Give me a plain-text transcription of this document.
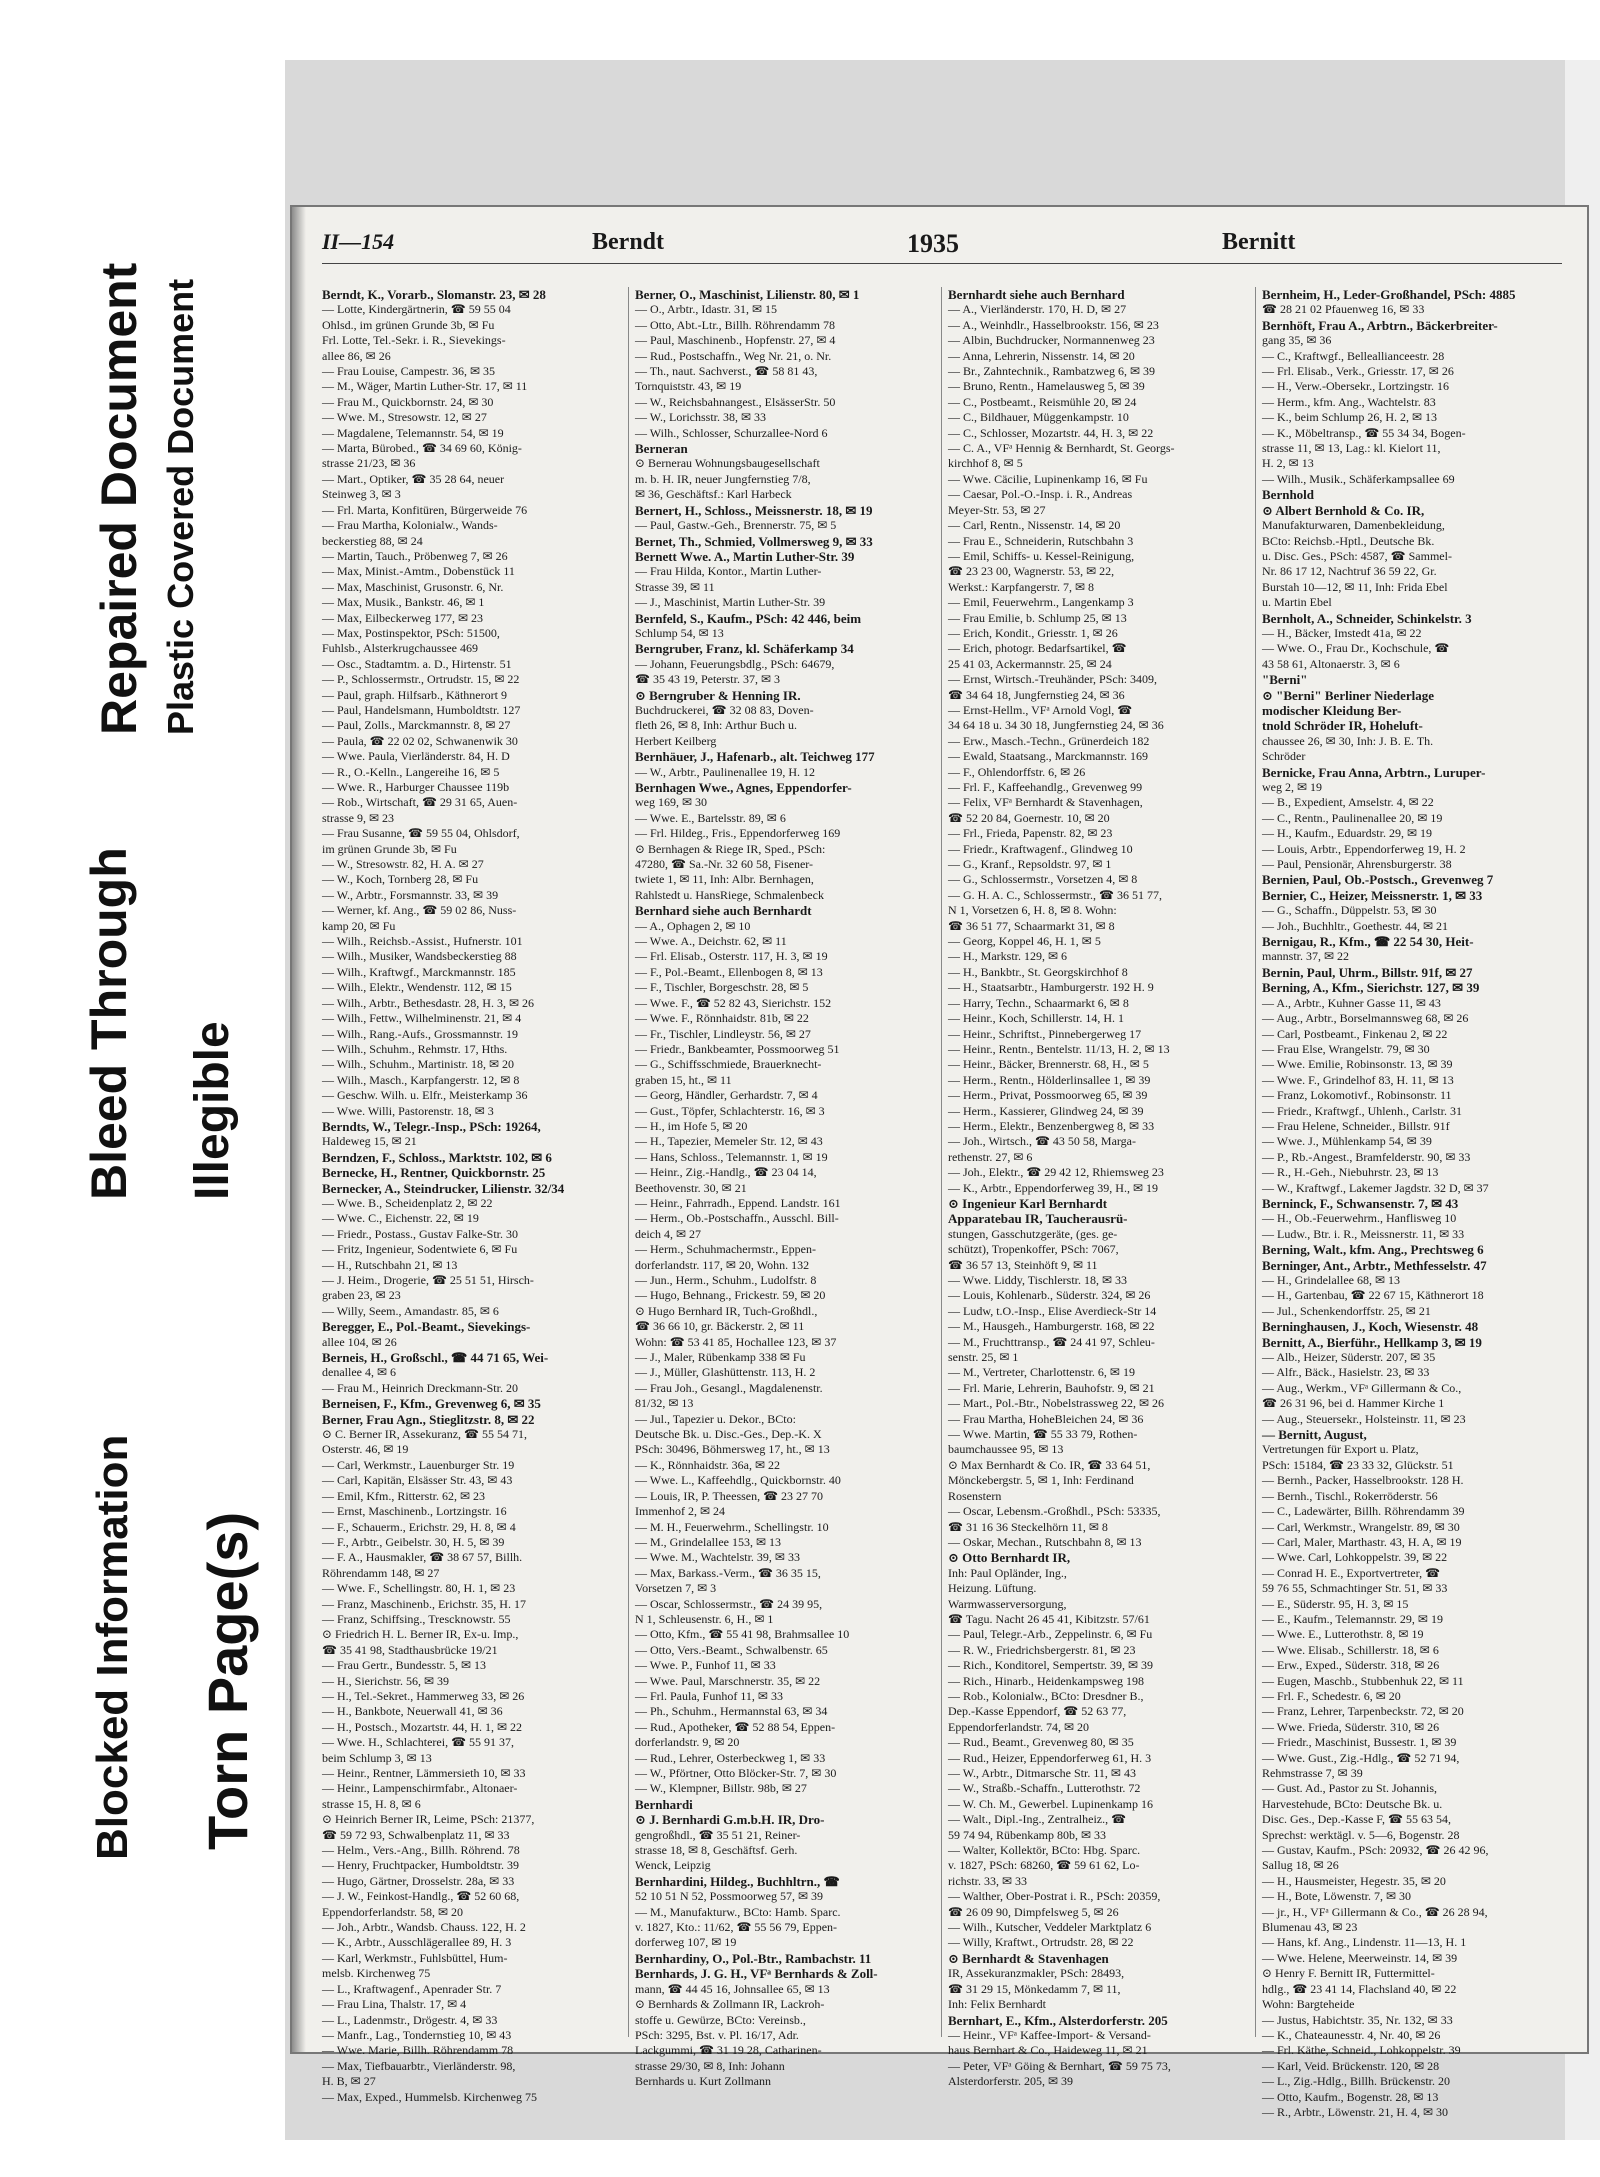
Bleed Through
Blocked Information
Illegible
Torn Page(s)
Repaired Document Plastic Covered Document
II—154	Berndt	1935	Bernitt

Berndt, K., Vorarb., Slomanstr. 23, ✉ 28

— Lotte, Kindergärtnerin, ☎ 59 55 04

Ohlsd., im grünen Grunde 3b, ✉ Fu

Frl. Lotte, Tel.-Sekr. i. R., Sievekings-

allee 86, ✉ 26

— Frau Louise, Campestr. 36, ✉ 35

— M., Wäger, Martin Luther-Str. 17, ✉ 11

— Frau M., Quickbornstr. 24, ✉ 30

— Wwe. M., Stresowstr. 12, ✉ 27

— Magdalene, Telemannstr. 54, ✉ 19

— Marta, Bürobed., ☎ 34 69 60, König-

strasse 21/23, ✉ 36

— Mart., Optiker, ☎ 35 28 64, neuer

Steinweg 3, ✉ 3

— Frl. Marta, Konfitüren, Bürgerweide 76

— Frau Martha, Kolonialw., Wands-

beckerstieg 88, ✉ 24

— Martin, Tauch., Pröbenweg 7, ✉ 26

— Max, Minist.-Amtm., Dobenstück 11

— Max, Maschinist, Grusonstr. 6, Nr.

— Max, Musik., Bankstr. 46, ✉ 1

— Max, Eilbeckerweg 177, ✉ 23

— Max, Postinspektor, PSch: 51500,

Fuhlsb., Alsterkrugchaussee 469

— Osc., Stadtamtm. a. D., Hirtenstr. 51

— P., Schlossermstr., Ortrudstr. 15, ✉ 22

— Paul, graph. Hilfsarb., Käthnerort 9

— Paul, Handelsmann, Humboldtstr. 127

— Paul, Zolls., Marckmannstr. 8, ✉ 27

— Paula, ☎ 22 02 02, Schwanenwik 30

— Wwe. Paula, Vierländerstr. 84, H. D

— R., O.-Kelln., Langereihe 16, ✉ 5

— Wwe. R., Harburger Chaussee 119b

— Rob., Wirtschaft, ☎ 29 31 65, Auen-

strasse 9, ✉ 23

— Frau Susanne, ☎ 59 55 04, Ohlsdorf,

im grünen Grunde 3b, ✉ Fu

— W., Stresowstr. 82, H. A. ✉ 27

— W., Koch, Tornberg 28, ✉ Fu

— W., Arbtr., Forsmannstr. 33, ✉ 39

— Werner, kf. Ang., ☎ 59 02 86, Nuss-

kamp 20, ✉ Fu

— Wilh., Reichsb.-Assist., Hufnerstr. 101

— Wilh., Musiker, Wandsbeckerstieg 88

— Wilh., Kraftwgf., Marckmannstr. 185

— Wilh., Elektr., Wendenstr. 112, ✉ 15

— Wilh., Arbtr., Bethesdastr. 28, H. 3, ✉ 26

— Wilh., Fettw., Wilhelminenstr. 21, ✉ 4

— Wilh., Rang.-Aufs., Grossmannstr. 19

— Wilh., Schuhm., Rehmstr. 17, Hths.

— Wilh., Schuhm., Martinistr. 18, ✉ 20

— Wilh., Masch., Karpfangerstr. 12, ✉ 8

— Geschw. Wilh. u. Elfr., Meisterkamp 36

— Wwe. Willi, Pastorenstr. 18, ✉ 3

Berndts, W., Telegr.-Insp., PSch: 19264,

Haldeweg 15, ✉ 21

Berndzen, F., Schloss., Marktstr. 102, ✉ 6

Bernecke, H., Rentner, Quickbornstr. 25

Bernecker, A., Steindrucker, Lilienstr. 32/34

— Wwe. B., Scheidenplatz 2, ✉ 22

— Wwe. C., Eichenstr. 22, ✉ 19

— Friedr., Postass., Gustav Falke-Str. 30

— Fritz, Ingenieur, Sodentwiete 6, ✉ Fu

— H., Rutschbahn 21, ✉ 13

— J. Heim., Drogerie, ☎ 25 51 51, Hirsch-

graben 23, ✉ 23

— Willy, Seem., Amandastr. 85, ✉ 6

Beregger, E., Pol.-Beamt., Sievekings-

allee 104, ✉ 26

Berneis, H., Großschl., ☎ 44 71 65, Wei-

denallee 4, ✉ 6

— Frau M., Heinrich Dreckmann-Str. 20

Berneisen, F., Kfm., Grevenweg 6, ✉ 35

Berner, Frau Agn., Stieglitzstr. 8, ✉ 22

⊙ C. Berner IR, Assekuranz, ☎ 55 54 71,

Osterstr. 46, ✉ 19

— Carl, Werkmstr., Lauenburger Str. 19

— Carl, Kapitän, Elsässer Str. 43, ✉ 43

— Emil, Kfm., Ritterstr. 62, ✉ 23

— Ernst, Maschinenb., Lortzingstr. 16

— F., Schauerm., Erichstr. 29, H. 8, ✉ 4

— F., Arbtr., Geibelstr. 30, H. 5, ✉ 39

— F. A., Hausmakler, ☎ 38 67 57, Billh.

Röhrendamm 148, ✉ 27

— Wwe. F., Schellingstr. 80, H. 1, ✉ 23

— Franz, Maschinenb., Erichstr. 35, H. 17

— Franz, Schiffsing., Trescknowstr. 55

⊙ Friedrich H. L. Berner IR, Ex-u. Imp.,

☎ 35 41 98, Stadthausbrücke 19/21

— Frau Gertr., Bundesstr. 5, ✉ 13

— H., Sierichstr. 56, ✉ 39

— H., Tel.-Sekret., Hammerweg 33, ✉ 26

— H., Bankbote, Neuerwall 41, ✉ 36

— H., Postsch., Mozartstr. 44, H. 1, ✉ 22

— Wwe. H., Schlachterei, ☎ 55 91 37,

beim Schlump 3, ✉ 13

— Heinr., Rentner, Lämmersieth 10, ✉ 33

— Heinr., Lampenschirmfabr., Altonaer-

strasse 15, H. 8, ✉ 6

⊙ Heinrich Berner IR, Leime, PSch: 21377,

☎ 59 72 93, Schwalbenplatz 11, ✉ 33

— Helm., Vers.-Ang., Billh. Röhrend. 78

— Henry, Fruchtpacker, Humboldtstr. 39

— Hugo, Gärtner, Drosselstr. 28a, ✉ 33

— J. W., Feinkost-Handlg., ☎ 52 60 68,

Eppendorferlandstr. 58, ✉ 20

— Joh., Arbtr., Wandsb. Chauss. 122, H. 2

— K., Arbtr., Ausschlägerallee 89, H. 3

— Karl, Werkmstr., Fuhlsbüttel, Hum-

melsb. Kirchenweg 75

— L., Kraftwagenf., Apenrader Str. 7

— Frau Lina, Thalstr. 17, ✉ 4

— L., Ladenmstr., Drögestr. 4, ✉ 33

— Manfr., Lag., Tondernstieg 10, ✉ 43

— Wwe. Marie, Billh. Röhrendamm 78

— Max, Tiefbauarbtr., Vierländerstr. 98,

H. B, ✉ 27

— Max, Exped., Hummelsb. Kirchenweg 75

Berner, O., Maschinist, Lilienstr. 80, ✉ 1

— O., Arbtr., Idastr. 31, ✉ 15

— Otto, Abt.-Ltr., Billh. Röhrendamm 78

— Paul, Maschinenb., Hopfenstr. 27, ✉ 4

— Rud., Postschaffn., Weg Nr. 21, o. Nr.

— Th., naut. Sachverst., ☎ 58 81 43,

Tornquiststr. 43, ✉ 19

— W., Reichsbahnangest., ElsässerStr. 50

— W., Lorichsstr. 38, ✉ 33

— Wilh., Schlosser, Schurzallee-Nord 6

Berneran

⊙ Bernerau Wohnungsbaugesellschaft

m. b. H. IR, neuer Jungfernstieg 7/8,

✉ 36, Geschäftsf.: Karl Harbeck

Bernert, H., Schloss., Meissnerstr. 18, ✉ 19

— Paul, Gastw.-Geh., Brennerstr. 75, ✉ 5

Bernet, Th., Schmied, Vollmersweg 9, ✉ 33

Bernett Wwe. A., Martin Luther-Str. 39

— Frau Hilda, Kontor., Martin Luther-

Strasse 39, ✉ 11

— J., Maschinist, Martin Luther-Str. 39

Bernfeld, S., Kaufm., PSch: 42 446, beim

Schlump 54, ✉ 13

Berngruber, Franz, kl. Schäferkamp 34

— Johann, Feuerungsbdlg., PSch: 64679,

☎ 35 43 19, Peterstr. 37, ✉ 3

⊙ Berngruber & Henning IR.

Buchdruckerei, ☎ 32 08 83, Doven-

fleth 26, ✉ 8, Inh: Arthur Buch u.

Herbert Keilberg

Bernhäuer, J., Hafenarb., alt. Teichweg 177

— W., Arbtr., Paulinenallee 19, H. 12

Bernhagen Wwe., Agnes, Eppendorfer-

weg 169, ✉ 30

— Wwe. E., Bartelsstr. 89, ✉ 6

— Frl. Hildeg., Fris., Eppendorferweg 169

⊙ Bernhagen & Riege IR, Sped., PSch:

47280, ☎ Sa.-Nr. 32 60 58, Fisener-

twiete 1, ✉ 11, Inh: Albr. Bernhagen,

Rahlstedt u. HansRiege, Schmalenbeck

Bernhard siehe auch Bernhardt

— A., Ophagen 2, ✉ 10

— Wwe. A., Deichstr. 62, ✉ 11

— Frl. Elisab., Osterstr. 117, H. 3, ✉ 19

— F., Pol.-Beamt., Ellenbogen 8, ✉ 13

— F., Tischler, Borgeschstr. 28, ✉ 5

— Wwe. F., ☎ 52 82 43, Sierichstr. 152

— Wwe. F., Rönnhaidstr. 81b, ✉ 22

— Fr., Tischler, Lindleystr. 56, ✉ 27

— Friedr., Bankbeamter, Possmoorweg 51

— G., Schiffsschmiede, Brauerknecht-

graben 15, ht., ✉ 11

— Georg, Händler, Gerhardstr. 7, ✉ 4

— Gust., Töpfer, Schlachterstr. 16, ✉ 3

— H., im Hofe 5, ✉ 20

— H., Tapezier, Memeler Str. 12, ✉ 43

— Hans, Schloss., Telemannstr. 1, ✉ 19

— Heinr., Zig.-Handlg., ☎ 23 04 14,

Beethovenstr. 30, ✉ 21

— Heinr., Fahrradh., Eppend. Landstr. 161

— Herm., Ob.-Postschaffn., Ausschl. Bill-

deich 4, ✉ 27

— Herm., Schuhmachermstr., Eppen-

dorferlandstr. 117, ✉ 20, Wohn. 132

— Jun., Herm., Schuhm., Ludolfstr. 8

— Hugo, Behnang., Frickestr. 59, ✉ 20

⊙ Hugo Bernhard IR, Tuch-Großhdl.,

☎ 36 66 10, gr. Bäckerstr. 2, ✉ 11

Wohn: ☎ 53 41 85, Hochallee 123, ✉ 37

— J., Maler, Rübenkamp 338 ✉ Fu

— J., Müller, Glashüttenstr. 113, H. 2

— Frau Joh., Gesangl., Magdalenenstr.

81/32, ✉ 13

— Jul., Tapezier u. Dekor., BCto:

Deutsche Bk. u. Disc.-Ges., Dep.-K. X

PSch: 30496, Böhmersweg 17, ht., ✉ 13

— K., Rönnhaidstr. 36a, ✉ 22

— Wwe. L., Kaffeehdlg., Quickbornstr. 40

— Louis, IR, P. Theessen, ☎ 23 27 70

Immenhof 2, ✉ 24

— M. H., Feuerwehrm., Schellingstr. 10

— M., Grindelallee 153, ✉ 13

— Wwe. M., Wachtelstr. 39, ✉ 33

— Max, Barkass.-Verm., ☎ 36 35 15,

Vorsetzen 7, ✉ 3

— Oscar, Schlossermstr., ☎ 24 39 95,

N 1, Schleusenstr. 6, H., ✉ 1

— Otto, Kfm., ☎ 55 41 98, Brahmsallee 10

— Otto, Vers.-Beamt., Schwalbenstr. 65

— Wwe. P., Funhof 11, ✉ 33

— Wwe. Paul, Marschnerstr. 35, ✉ 22

— Frl. Paula, Funhof 11, ✉ 33

— Ph., Schuhm., Hermannstal 63, ✉ 34

— Rud., Apotheker, ☎ 52 88 54, Eppen-

dorferlandstr. 9, ✉ 20

— Rud., Lehrer, Osterbeckweg 1, ✉ 33

— W., Pförtner, Otto Blöcker-Str. 7, ✉ 30

— W., Klempner, Billstr. 98b, ✉ 27

Bernhardi

⊙ J. Bernhardi G.m.b.H. IR, Dro-

gengroßhdl., ☎ 35 51 21, Reiner-

strasse 18, ✉ 8, Geschäftsf. Gerh.

Wenck, Leipzig

Bernhardini, Hildeg., Buchhltrn., ☎

52 10 51 N 52, Possmoorweg 57, ✉ 39

— M., Manufakturw., BCto: Hamb. Sparc.

v. 1827, Kto.: 11/62, ☎ 55 56 79, Eppen-

dorferweg 107, ✉ 19

Bernhardiny, O., Pol.-Btr., Rambachstr. 11

Bernhards, J. G. H., VFᵃ Bernhards & Zoll-

mann, ☎ 44 45 16, Johnsallee 65, ✉ 13

⊙ Bernhards & Zollmann IR, Lackroh-

stoffe u. Gewürze, BCto: Vereinsb.,

PSch: 3295, Bst. v. Pl. 16/17, Adr.

Lackgummi, ☎ 31 19 28, Catharinen-

strasse 29/30, ✉ 8, Inh: Johann

Bernhards u. Kurt Zollmann

Bernhardt siehe auch Bernhard

— A., Vierländerstr. 170, H. D, ✉ 27

— A., Weinhdlr., Hasselbrookstr. 156, ✉ 23

— Albin, Buchdrucker, Normannenweg 23

— Anna, Lehrerin, Nissenstr. 14, ✉ 20

— Br., Zahntechnik., Rambatzweg 6, ✉ 39

— Bruno, Rentn., Hamelausweg 5, ✉ 39

— C., Postbeamt., Reismühle 20, ✉ 24

— C., Bildhauer, Müggenkampstr. 10

— C., Schlosser, Mozartstr. 44, H. 3, ✉ 22

— C. A., VFᵃ Hennig & Bernhardt, St. Georgs-

kirchhof 8, ✉ 5

— Wwe. Cäcilie, Lupinenkamp 16, ✉ Fu

— Caesar, Pol.-O.-Insp. i. R., Andreas

Meyer-Str. 53, ✉ 27

— Carl, Rentn., Nissenstr. 14, ✉ 20

— Frau E., Schneiderin, Rutschbahn 3

— Emil, Schiffs- u. Kessel-Reinigung,

☎ 23 23 00, Wagnerstr. 53, ✉ 22,

Werkst.: Karpfangerstr. 7, ✉ 8

— Emil, Feuerwehrm., Langenkamp 3

— Frau Emilie, b. Schlump 25, ✉ 13

— Erich, Kondit., Griesstr. 1, ✉ 26

— Erich, photogr. Bedarfsartikel, ☎

25 41 03, Ackermannstr. 25, ✉ 24

— Ernst, Wirtsch.-Treuhänder, PSch: 3409,

☎ 34 64 18, Jungfernstieg 24, ✉ 36

— Ernst-Hellm., VFᵃ Arnold Vogl, ☎

34 64 18 u. 34 30 18, Jungfernstieg 24, ✉ 36

— Erw., Masch.-Techn., Grünerdeich 182

— Ewald, Staatsang., Marckmannstr. 169

— F., Ohlendorffstr. 6, ✉ 26

— Frl. F., Kaffeehandlg., Grevenweg 99

— Felix, VFᵃ Bernhardt & Stavenhagen,

☎ 52 20 84, Goernestr. 10, ✉ 20

— Frl., Frieda, Papenstr. 82, ✉ 23

— Friedr., Kraftwagenf., Glindweg 10

— G., Kranf., Repsoldstr. 97, ✉ 1

— G., Schlossermstr., Vorsetzen 4, ✉ 8

— G. H. A. C., Schlossermstr., ☎ 36 51 77,

N 1, Vorsetzen 6, H. 8, ✉ 8. Wohn:

☎ 36 51 77, Schaarmarkt 31, ✉ 8

— Georg, Koppel 46, H. 1, ✉ 5

— H., Markstr. 129, ✉ 6

— H., Bankbtr., St. Georgskirchhof 8

— H., Staatsarbtr., Hamburgerstr. 192 H. 9

— Harry, Techn., Schaarmarkt 6, ✉ 8

— Heinr., Koch, Schillerstr. 14, H. 1

— Heinr., Schriftst., Pinnebergerweg 17

— Heinr., Rentn., Bentelstr. 11/13, H. 2, ✉ 13

— Heinr., Bäcker, Brennerstr. 68, H., ✉ 5

— Herm., Rentn., Hölderlinsallee 1, ✉ 39

— Herm., Privat, Possmoorweg 65, ✉ 39

— Herm., Kassierer, Glindweg 24, ✉ 39

— Herm., Elektr., Benzenbergweg 8, ✉ 33

— Joh., Wirtsch., ☎ 43 50 58, Marga-

rethenstr. 27, ✉ 6

— Joh., Elektr., ☎ 29 42 12, Rhiemsweg 23

— K., Arbtr., Eppendorferweg 39, H., ✉ 19

⊙ Ingenieur Karl Bernhardt

Apparatebau IR, Taucherausrü-

stungen, Gasschutzgeräte, (ges. ge-

schützt), Tropenkoffer, PSch: 7067,

☎ 36 57 13, Steinhöft 9, ✉ 11

— Wwe. Liddy, Tischlerstr. 18, ✉ 33

— Louis, Kohlenarb., Süderstr. 324, ✉ 26

— Ludw, t.O.-Insp., Elise Averdieck-Str 14

— M., Hausgeh., Hamburgerstr. 168, ✉ 22

— M., Fruchttransp., ☎ 24 41 97, Schleu-

senstr. 25, ✉ 1

— M., Vertreter, Charlottenstr. 6, ✉ 19

— Frl. Marie, Lehrerin, Bauhofstr. 9, ✉ 21

— Mart., Pol.-Btr., Nobelstrassweg 22, ✉ 26

— Frau Martha, HoheBleichen 24, ✉ 36

— Wwe. Martin, ☎ 55 33 79, Rothen-

baumchaussee 95, ✉ 13

⊙ Max Bernhardt & Co. IR, ☎ 33 64 51,

Mönckebergstr. 5, ✉ 1, Inh: Ferdinand

Rosenstern

— Oscar, Lebensm.-Großhdl., PSch: 53335,

☎ 31 16 36 Steckelhörn 11, ✉ 8

— Oskar, Mechan., Rutschbahn 8, ✉ 13

⊙ Otto Bernhardt IR,

Inh: Paul Opländer, Ing.,

Heizung. Lüftung.

Warmwasserversorgung,

☎ Tagu. Nacht 26 45 41, Kibitzstr. 57/61

— Paul, Telegr.-Arb., Zeppelinstr. 6, ✉ Fu

— R. W., Friedrichsbergerstr. 81, ✉ 23

— Rich., Konditorel, Sempertstr. 39, ✉ 39

— Rich., Hinarb., Heidenkampsweg 198

— Rob., Kolonialw., BCto: Dresdner B.,

Dep.-Kasse Eppendorf, ☎ 52 63 77,

Eppendorferlandstr. 74, ✉ 20

— Rud., Beamt., Grevenweg 80, ✉ 35

— Rud., Heizer, Eppendorferweg 61, H. 3

— W., Arbtr., Ditmarsche Str. 11, ✉ 43

— W., Straßb.-Schaffn., Lutterothstr. 72

— W. Ch. M., Gewerbel. Lupinenkamp 16

— Walt., Dipl.-Ing., Zentralheiz., ☎

59 74 94, Rübenkamp 80b, ✉ 33

— Walter, Kollektör, BCto: Hbg. Sparc.

v. 1827, PSch: 68260, ☎ 59 61 62, Lo-

richstr. 33, ✉ 33

— Walther, Ober-Postrat i. R., PSch: 20359,

☎ 26 09 90, Dimpfelsweg 5, ✉ 26

— Wilh., Kutscher, Veddeler Marktplatz 6

— Willy, Kraftwt., Ortrudstr. 28, ✉ 22

⊙ Bernhardt & Stavenhagen

IR, Assekuranzmakler, PSch: 28493,

☎ 31 29 15, Mönkedamm 7, ✉ 11,

Inh: Felix Bernhardt

Bernhart, E., Kfm., Alsterdorferstr. 205

— Heinr., VFᵃ Kaffee-Import- & Versand-

haus Bernhart & Co., Haideweg 11, ✉ 21

— Peter, VFᵃ Göing & Bernhart, ☎ 59 75 73,

Alsterdorferstr. 205, ✉ 39

Bernheim, H., Leder-Großhandel, PSch: 4885

☎ 28 21 02 Pfauenweg 16, ✉ 33

Bernhöft, Frau A., Arbtrn., Bäckerbreiter-

gang 35, ✉ 36

— C., Kraftwgf., Belleallianceestr. 28

— Frl. Elisab., Verk., Griesstr. 17, ✉ 26

— H., Verw.-Obersekr., Lortzingstr. 16

— Herm., kfm. Ang., Wachtelstr. 83

— K., beim Schlump 26, H. 2, ✉ 13

— K., Möbeltransp., ☎ 55 34 34, Bogen-

strasse 11, ✉ 13, Lag.: kl. Kielort 11,

H. 2, ✉ 13

— Wilh., Musik., Schäferkampsallee 69

Bernhold

⊙ Albert Bernhold & Co. IR,

Manufakturwaren, Damenbekleidung,

BCto: Reichsb.-Hptl., Deutsche Bk.

u. Disc. Ges., PSch: 4587, ☎ Sammel-

Nr. 86 17 12, Nachtruf 36 59 22, Gr.

Burstah 10—12, ✉ 11, Inh: Frida Ebel

u. Martin Ebel

Bernholt, A., Schneider, Schinkelstr. 3

— H., Bäcker, Imstedt 41a, ✉ 22

— Wwe. O., Frau Dr., Kochschule, ☎

43 58 61, Altonaerstr. 3, ✉ 6

"Berni"

⊙ "Berni" Berliner Niederlage

modischer Kleidung Ber-

tnold Schröder IR, Hoheluft-

chaussee 26, ✉ 30, Inh: J. B. E. Th.

Schröder

Bernicke, Frau Anna, Arbtrn., Luruper-

weg 2, ✉ 19

— B., Expedient, Amselstr. 4, ✉ 22

— C., Rentn., Paulinenallee 20, ✉ 19

— H., Kaufm., Eduardstr. 29, ✉ 19

— Louis, Arbtr., Eppendorferweg 19, H. 2

— Paul, Pensionär, Ahrensburgerstr. 38

Bernien, Paul, Ob.-Postsch., Grevenweg 7

Bernier, C., Heizer, Meissnerstr. 1, ✉ 33

— G., Schaffn., Düppelstr. 53, ✉ 30

— Joh., Buchhltr., Goethestr. 44, ✉ 21

Bernigau, R., Kfm., ☎ 22 54 30, Heit-

mannstr. 37, ✉ 22

Bernin, Paul, Uhrm., Billstr. 91f, ✉ 27

Berning, A., Kfm., Sierichstr. 127, ✉ 39

— A., Arbtr., Kuhner Gasse 11, ✉ 43

— Aug., Arbtr., Borselmannsweg 68, ✉ 26

— Carl, Postbeamt., Finkenau 2, ✉ 22

— Frau Else, Wrangelstr. 79, ✉ 30

— Wwe. Emilie, Robinsonstr. 13, ✉ 39

— Wwe. F., Grindelhof 83, H. 11, ✉ 13

— Franz, Lokomotivf., Robinsonstr. 11

— Friedr., Kraftwgf., Uhlenh., Carlstr. 31

— Frau Helene, Schneider., Billstr. 91f

— Wwe. J., Mühlenkamp 54, ✉ 39

— P., Rb.-Angest., Bramfelderstr. 90, ✉ 33

— R., H.-Geh., Niebuhrstr. 23, ✉ 13

— W., Kraftwgf., Lakemer Jagdstr. 32 D, ✉ 37

Berninck, F., Schwansenstr. 7, ✉ 43

— H., Ob.-Feuerwehrm., Hanflisweg 10

— Ludw., Btr. i. R., Meissnerstr. 11, ✉ 33

Berning, Walt., kfm. Ang., Prechtsweg 6

Berninger, Ant., Arbtr., Methfesselstr. 47

— H., Grindelallee 68, ✉ 13

— H., Gartenbau, ☎ 22 67 15, Käthnerort 18

— Jul., Schenkendorffstr. 25, ✉ 21

Berninghausen, J., Koch, Wiesenstr. 48

Bernitt, A., Bierführ., Hellkamp 3, ✉ 19

— Alb., Heizer, Süderstr. 207, ✉ 35

— Alfr., Bäck., Hasielstr. 23, ✉ 33

— Aug., Werkm., VFᵃ Gillermann & Co.,

☎ 26 31 96, bei d. Hammer Kirche 1

— Aug., Steuersekr., Holsteinstr. 11, ✉ 23

— Bernitt, August,

Vertretungen für Export u. Platz,

PSch: 15184, ☎ 23 33 32, Glückstr. 51

— Bernh., Packer, Hasselbrookstr. 128 H.

— Bernh., Tischl., Rokerröderstr. 56

— C., Ladewärter, Billh. Röhrendamm 39

— Carl, Werkmstr., Wrangelstr. 89, ✉ 30

— Carl, Maler, Marthastr. 43, H. A, ✉ 19

— Wwe. Carl, Lohkoppelstr. 39, ✉ 22

— Conrad H. E., Exportvertreter, ☎

59 76 55, Schmachtinger Str. 51, ✉ 33

— E., Süderstr. 95, H. 3, ✉ 15

— E., Kaufm., Telemannstr. 29, ✉ 19

— Wwe. E., Lutterothstr. 8, ✉ 19

— Wwe. Elisab., Schillerstr. 18, ✉ 6

— Erw., Exped., Süderstr. 318, ✉ 26

— Eugen, Maschb., Stubbenhuk 22, ✉ 11

— Frl. F., Schedestr. 6, ✉ 20

— Franz, Lehrer, Tarpenbeckstr. 72, ✉ 20

— Wwe. Frieda, Süderstr. 310, ✉ 26

— Friedr., Maschinist, Bussestr. 1, ✉ 39

— Wwe. Gust., Zig.-Hdlg., ☎ 52 71 94,

Rehmstrasse 7, ✉ 39

— Gust. Ad., Pastor zu St. Johannis,

Harvestehude, BCto: Deutsche Bk. u.

Disc. Ges., Dep.-Kasse F, ☎ 55 63 54,

Sprechst: werktägl. v. 5—6, Bogenstr. 28

— Gustav, Kaufm., PSch: 20932, ☎ 26 42 96,

Sallug 18, ✉ 26

— H., Hausmeister, Hegestr. 35, ✉ 20

— H., Bote, Löwenstr. 7, ✉ 30

— jr., H., VFᵃ Gillermann & Co., ☎ 26 28 94,

Blumenau 43, ✉ 23

— Hans, kf. Ang., Lindenstr. 11—13, H. 1

— Wwe. Helene, Meerweinstr. 14, ✉ 39

⊙ Henry F. Bernitt IR, Futtermittel-

hdlg., ☎ 23 41 14, Flachsland 40, ✉ 22

Wohn: Bargteheide

— Justus, Habichtstr. 35, Nr. 132, ✉ 33

— K., Chateaunesstr. 4, Nr. 40, ✉ 26

— Frl. Käthe, Schneid., Lohkoppelstr. 39

— Karl, Veid. Brückenstr. 120, ✉ 28

— L., Zig.-Hdlg., Billh. Brückenstr. 20

— Otto, Kaufm., Bogenstr. 28, ✉ 13

— R., Arbtr., Löwenstr. 21, H. 4, ✉ 30
